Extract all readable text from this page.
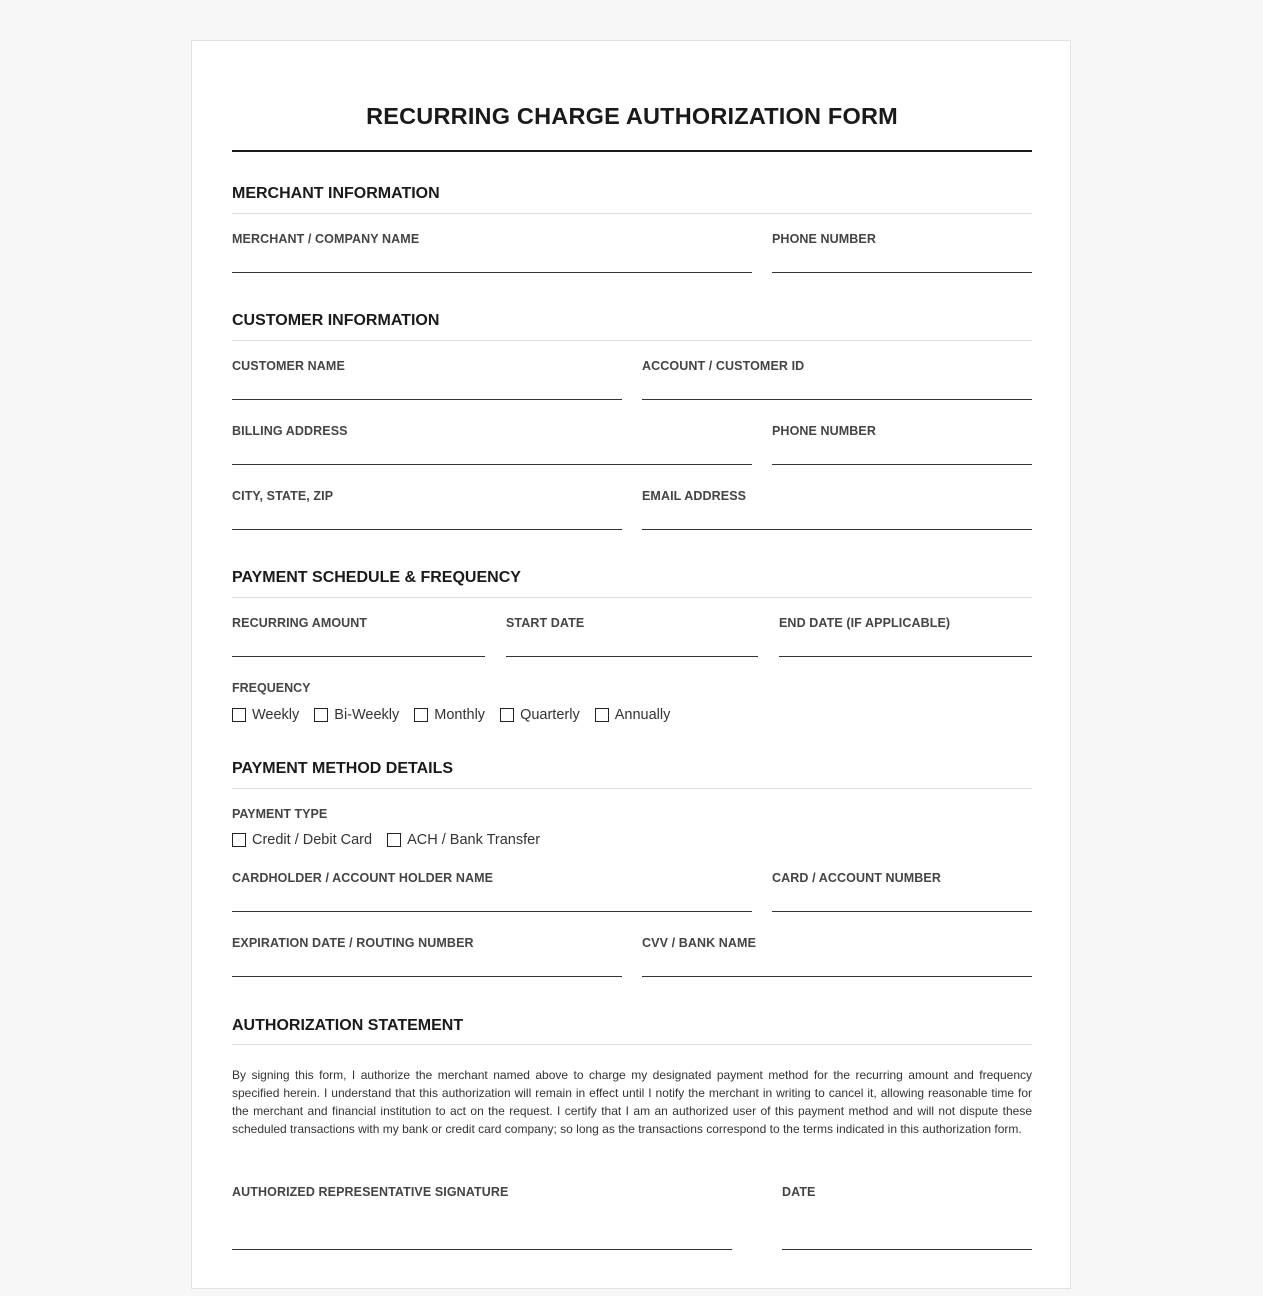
RECURRING CHARGE AUTHORIZATION FORM
MERCHANT INFORMATION
MERCHANT / COMPANY NAME	PHONE NUMBER
CUSTOMER INFORMATION
CUSTOMER NAME	ACCOUNT / CUSTOMER ID
BILLING ADDRESS	PHONE NUMBER
CITY, STATE, ZIP	EMAIL ADDRESS
PAYMENT SCHEDULE & FREQUENCY
RECURRING AMOUNT	START DATE	END DATE (IF APPLICABLE)
FREQUENCY
Weekly Bi-Weekly Monthly Quarterly Annually
PAYMENT METHOD DETAILS
PAYMENT TYPE
Credit / Debit Card ACH / Bank Transfer
CARDHOLDER / ACCOUNT HOLDER NAME	CARD / ACCOUNT NUMBER
EXPIRATION DATE / ROUTING NUMBER	CVV / BANK NAME
AUTHORIZATION STATEMENT

By signing this form, I authorize the merchant named above to charge my designated payment method for the recurring amount and frequency specified herein. I understand that this authorization will remain in effect until I notify the merchant in writing to cancel it, allowing reasonable time for the merchant and financial institution to act on the request. I certify that I am an authorized user of this payment method and will not dispute these scheduled transactions with my bank or credit card company; so long as the transactions correspond to the terms indicated in this authorization form.

AUTHORIZED REPRESENTATIVE SIGNATURE	DATE
